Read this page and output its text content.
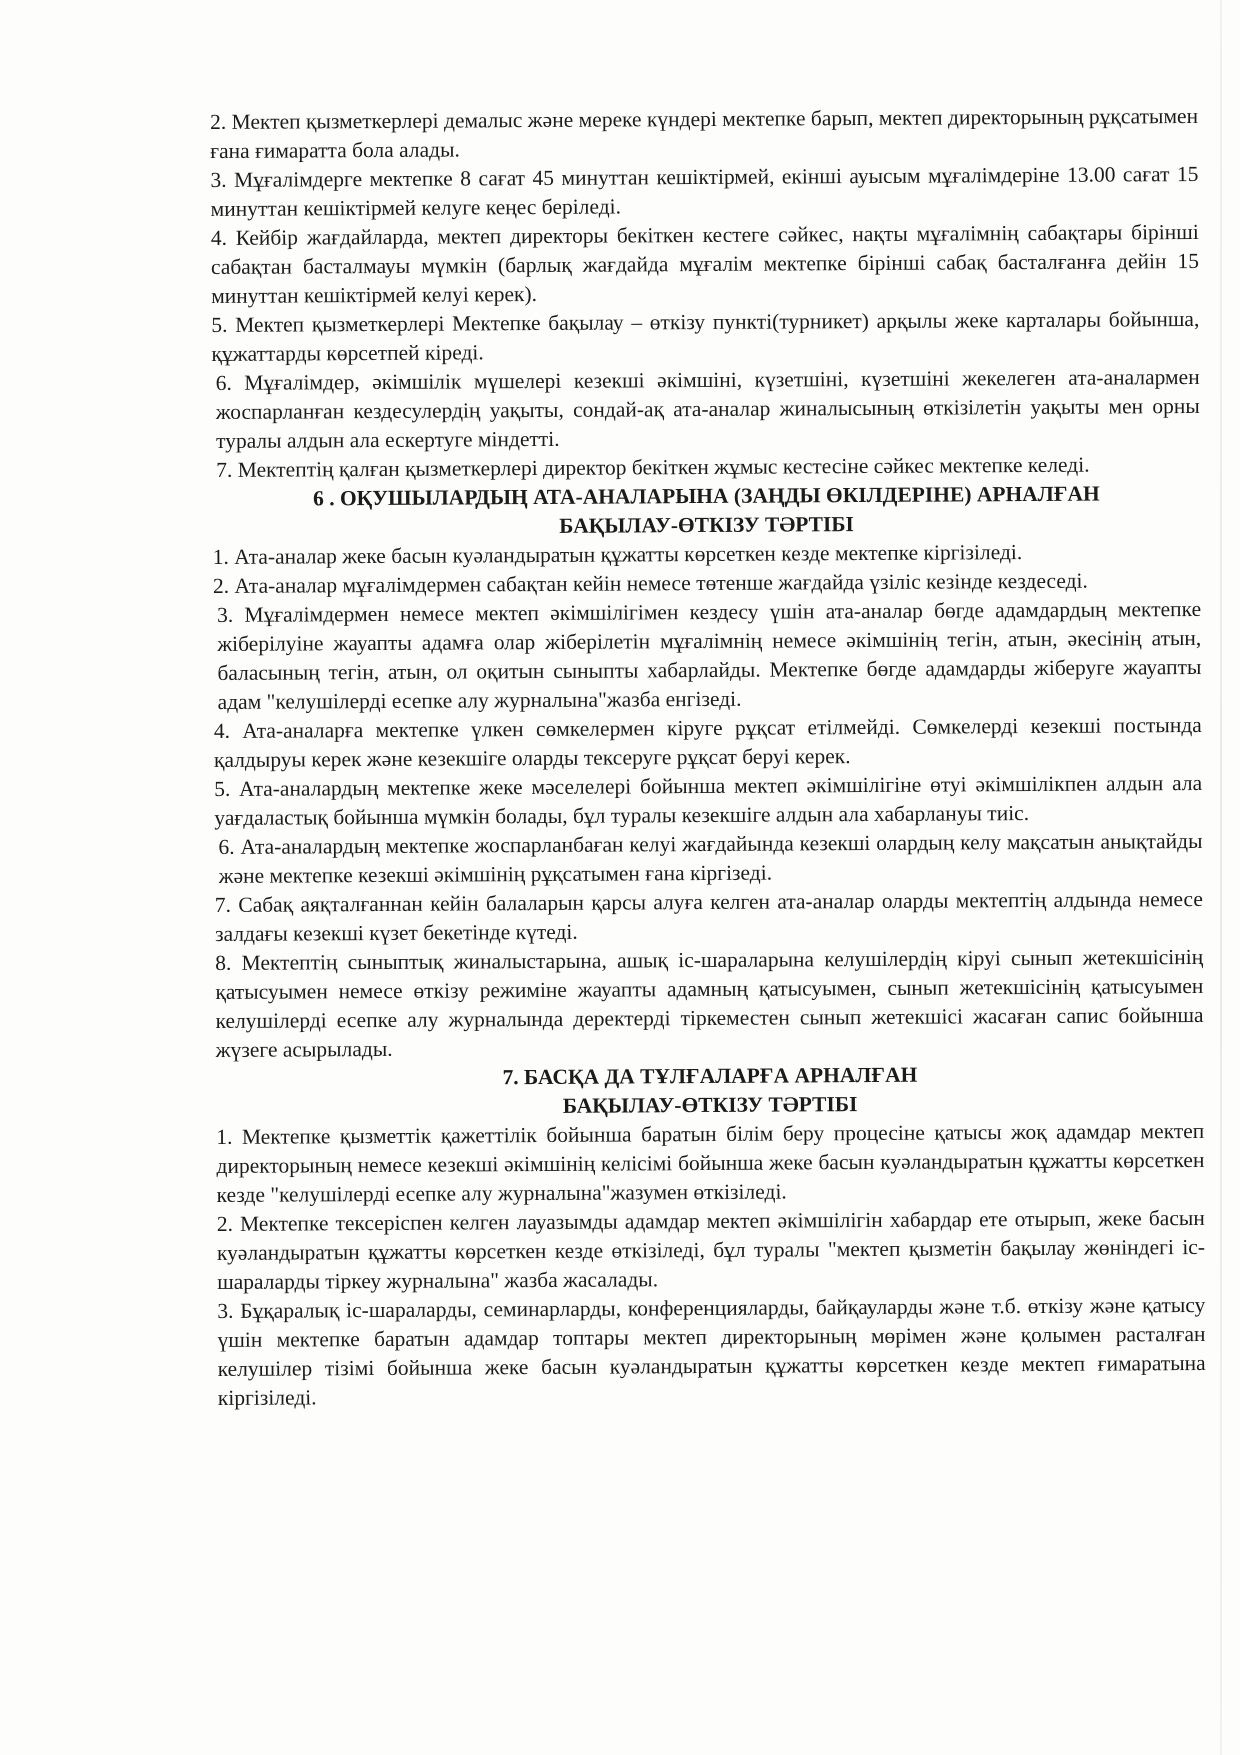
2. Мектеп қызметкерлері демалыс және мереке күндері мектепке барып, мектеп директорының рұқсатымен ғана ғимаратта бола алады.

3. Мұғалімдерге мектепке 8 сағат 45 минуттан кешіктірмей, екінші ауысым мұғалімдеріне 13.00 сағат 15 минуттан кешіктірмей келуге кеңес беріледі.

4. Кейбір жағдайларда, мектеп директоры бекіткен кестеге сәйкес, нақты мұғалімнің сабақтары бірінші сабақтан басталмауы мүмкін (барлық жағдайда мұғалім мектепке бірінші сабақ басталғанға дейін 15 минуттан кешіктірмей келуі керек).

5. Мектеп қызметкерлері Мектепке бақылау – өткізу пункті(турникет) арқылы жеке карталары бойынша, құжаттарды көрсетпей кіреді.

6. Мұғалімдер, әкімшілік мүшелері кезекші әкімшіні, күзетшіні, күзетшіні жекелеген ата-аналармен жоспарланған кездесулердің уақыты, сондай-ақ ата-аналар жиналысының өткізілетін уақыты мен орны туралы алдын ала ескертуге міндетті.

7. Мектептің қалған қызметкерлері директор бекіткен жұмыс кестесіне сәйкес мектепке келеді.

6 . ОҚУШЫЛАРДЫҢ АТА-АНАЛАРЫНА (ЗАҢДЫ ӨКІЛДЕРІНЕ) АРНАЛҒАН
БАҚЫЛАУ-ӨТКІЗУ ТӘРТІБІ

1. Ата-аналар жеке басын куәландыратын құжатты көрсеткен кезде мектепке кіргізіледі.

2. Ата-аналар мұғалімдермен сабақтан кейін немесе төтенше жағдайда үзіліс кезінде кездеседі.

3. Мұғалімдермен немесе мектеп әкімшілігімен кездесу үшін ата-аналар бөгде адамдардың мектепке жіберілуіне жауапты адамға олар жіберілетін мұғалімнің немесе әкімшінің тегін, атын, әкесінің атын, баласының тегін, атын, ол оқитын сыныпты хабарлайды. Мектепке бөгде адамдарды жіберуге жауапты адам "келушілерді есепке алу журналына"жазба енгізеді.

4. Ата-аналарға мектепке үлкен сөмкелермен кіруге рұқсат етілмейді. Сөмкелерді кезекші постында қалдыруы керек және кезекшіге оларды тексеруге рұқсат беруі керек.

5. Ата-аналардың мектепке жеке мәселелері бойынша мектеп әкімшілігіне өтуі әкімшілікпен алдын ала уағдаластық бойынша мүмкін болады, бұл туралы кезекшіге алдын ала хабарлануы тиіс.

6. Ата-аналардың мектепке жоспарланбаған келуі жағдайында кезекші олардың келу мақсатын анықтайды және мектепке кезекші әкімшінің рұқсатымен ғана кіргізеді.

7. Сабақ аяқталғаннан кейін балаларын қарсы алуға келген ата-аналар оларды мектептің алдында немесе залдағы кезекші күзет бекетінде күтеді.

8. Мектептің сыныптық жиналыстарына, ашық іс-шараларына келушілердің кіруі сынып жетекшісінің қатысуымен немесе өткізу режиміне жауапты адамның қатысуымен, сынып жетекшісінің қатысуымен келушілерді есепке алу журналында деректерді тіркеместен сынып жетекшісі жасаған сапис бойынша жүзеге асырылады.

7. БАСҚА ДА ТҰЛҒАЛАРҒА АРНАЛҒАН
БАҚЫЛАУ-ӨТКІЗУ ТӘРТІБІ

1. Мектепке қызметтік қажеттілік бойынша баратын білім беру процесіне қатысы жоқ адамдар мектеп директорының немесе кезекші әкімшінің келісімі бойынша жеке басын куәландыратын құжатты көрсеткен кезде "келушілерді есепке алу журналына"жазумен өткізіледі.

2. Мектепке тексеріспен келген лауазымды адамдар мектеп әкімшілігін хабардар ете отырып, жеке басын куәландыратын құжатты көрсеткен кезде өткізіледі, бұл туралы "мектеп қызметін бақылау жөніндегі іс-шараларды тіркеу журналына" жазба жасалады.

3. Бұқаралық іс-шараларды, семинарларды, конференцияларды, байқауларды және т.б. өткізу және қатысу үшін мектепке баратын адамдар топтары мектеп директорының мөрімен және қолымен расталған келушілер тізімі бойынша жеке басын куәландыратын құжатты көрсеткен кезде мектеп ғимаратына кіргізіледі.
